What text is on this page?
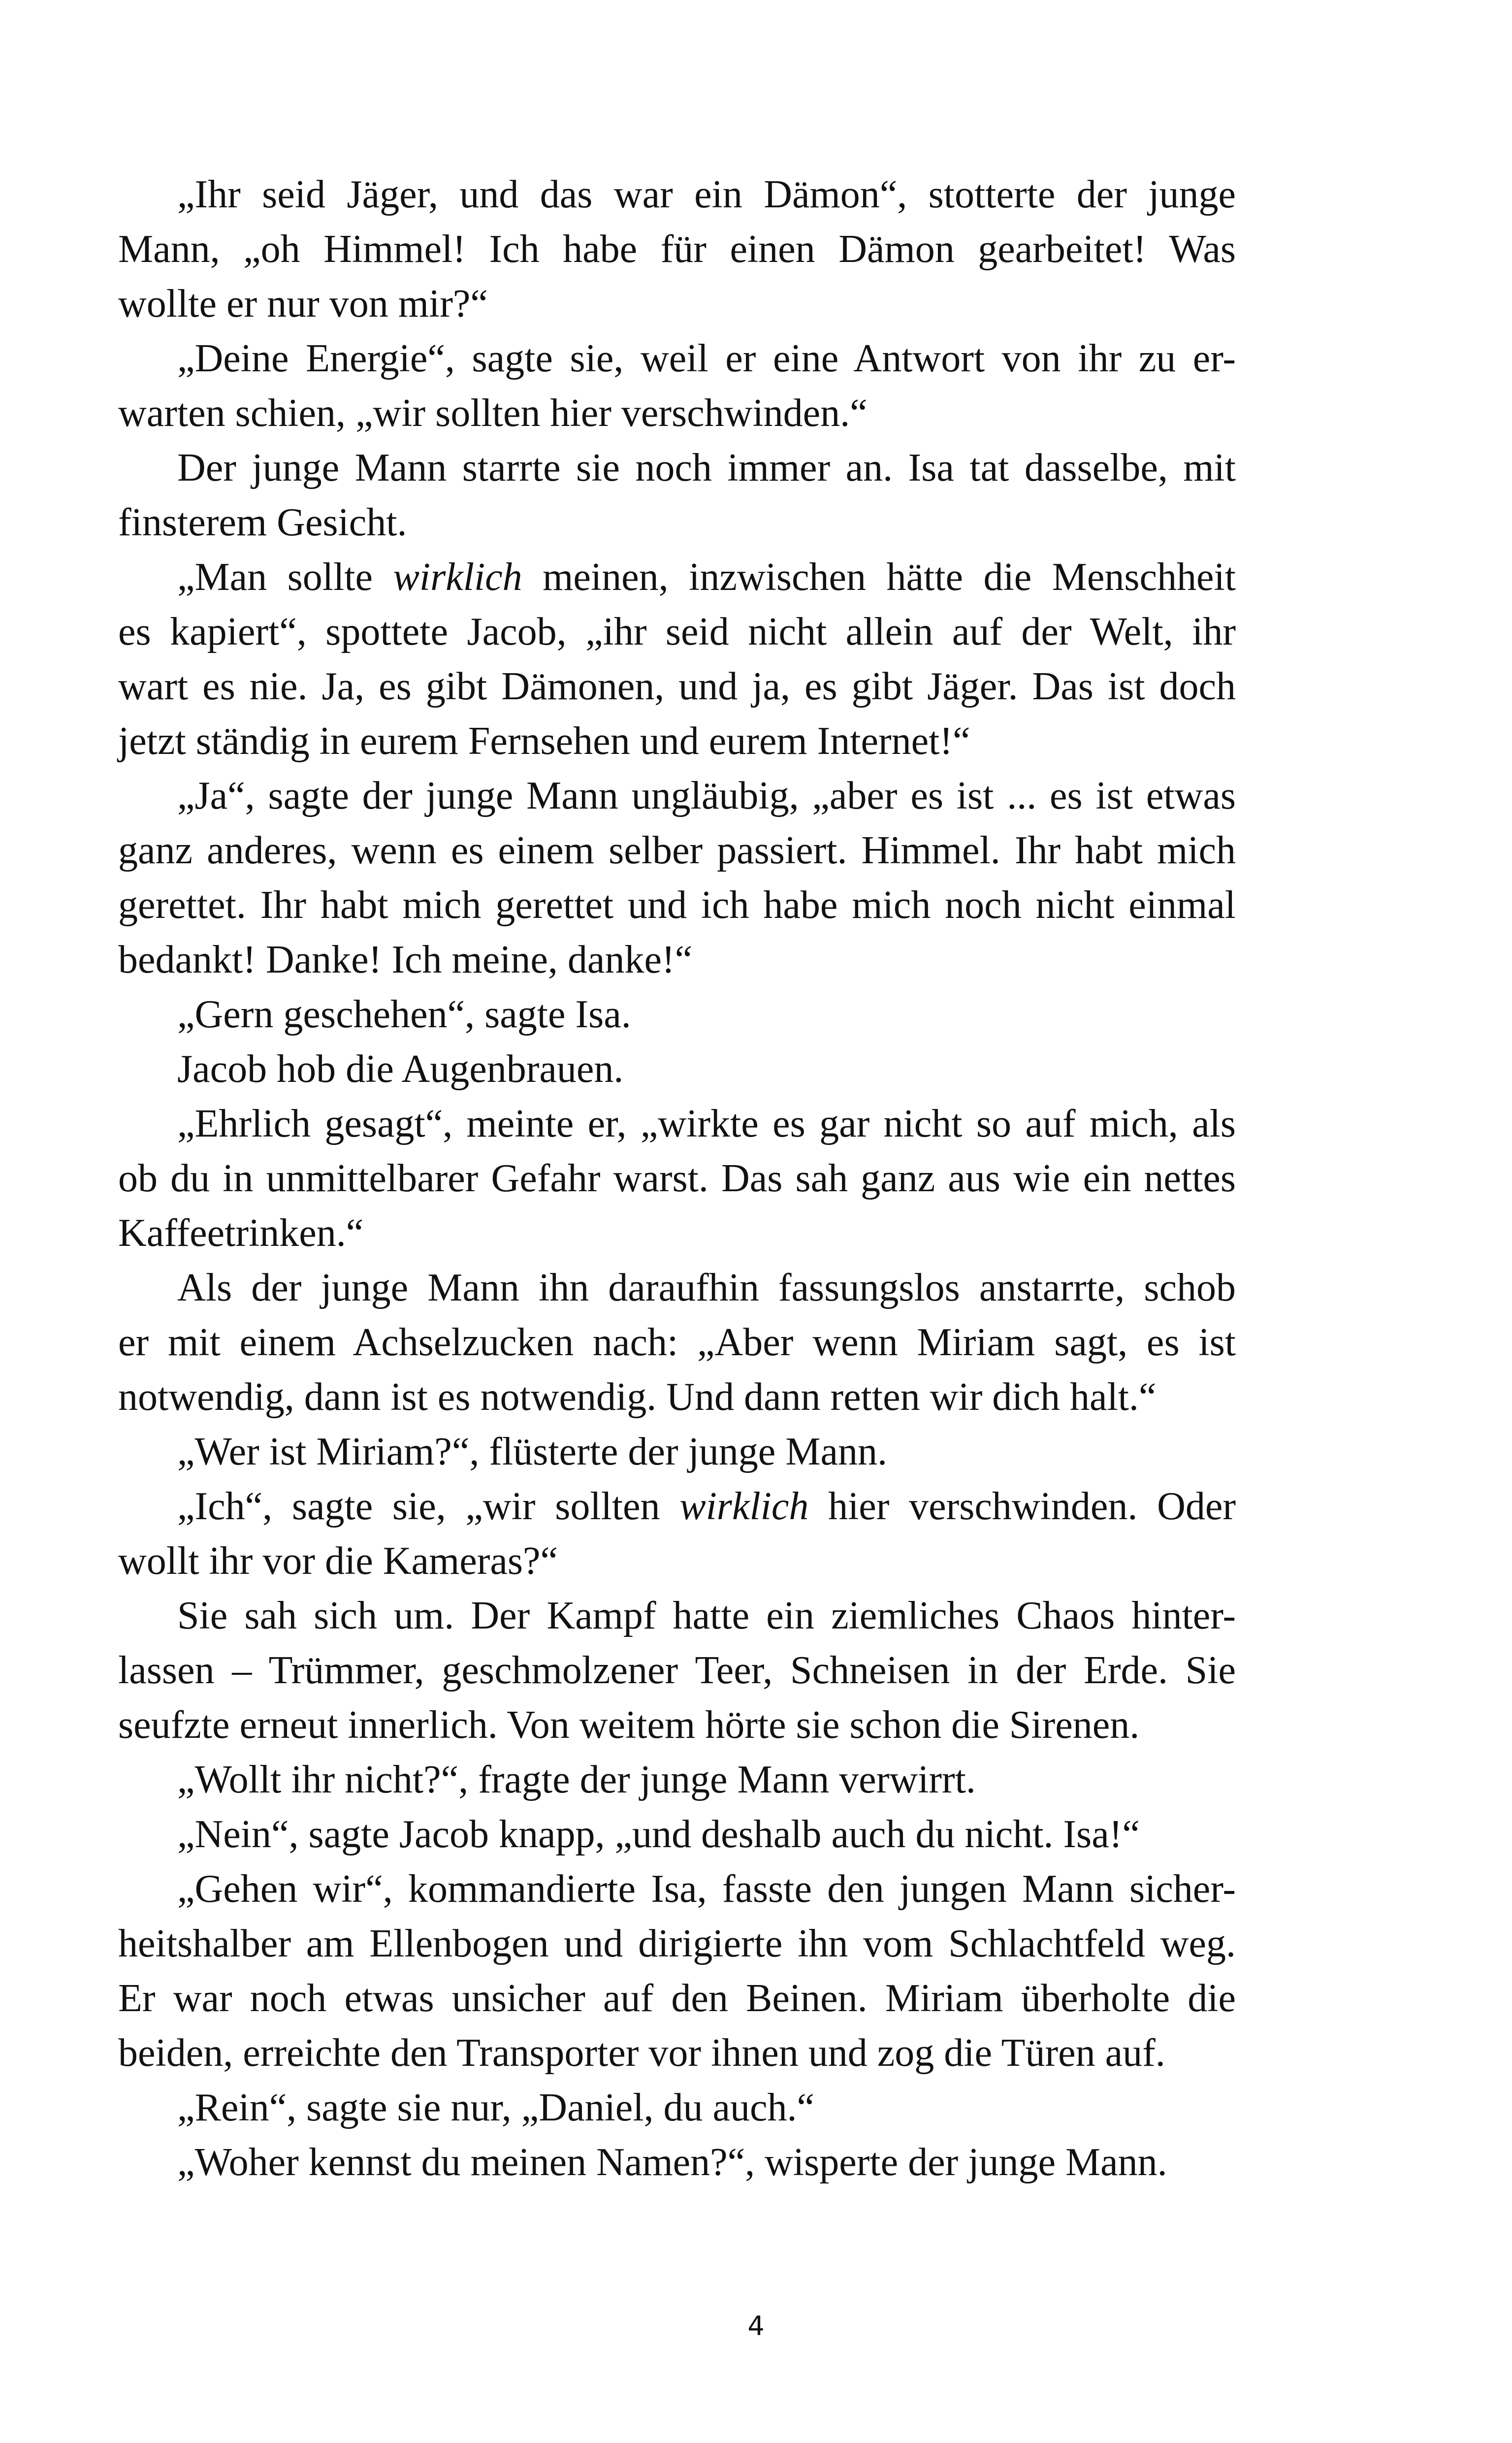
„Ihr seid Jäger, und das war ein Dämon“, stotterte der junge
Mann, „oh Himmel! Ich habe für einen Dämon gearbeitet! Was
wollte er nur von mir?“

„Deine Energie“, sagte sie, weil er eine Antwort von ihr zu er-
warten schien, „wir sollten hier verschwinden.“

Der junge Mann starrte sie noch immer an. Isa tat dasselbe, mit
finsterem Gesicht.

„Man sollte wirklich meinen, inzwischen hätte die Menschheit
es kapiert“, spottete Jacob, „ihr seid nicht allein auf der Welt, ihr
wart es nie. Ja, es gibt Dämonen, und ja, es gibt Jäger. Das ist doch
jetzt ständig in eurem Fernsehen und eurem Internet!“

„Ja“, sagte der junge Mann ungläubig, „aber es ist ... es ist etwas
ganz anderes, wenn es einem selber passiert. Himmel. Ihr habt mich
gerettet. Ihr habt mich gerettet und ich habe mich noch nicht einmal
bedankt! Danke! Ich meine, danke!“

„Gern geschehen“, sagte Isa.

Jacob hob die Augenbrauen.

„Ehrlich gesagt“, meinte er, „wirkte es gar nicht so auf mich, als
ob du in unmittelbarer Gefahr warst. Das sah ganz aus wie ein nettes
Kaffeetrinken.“

Als der junge Mann ihn daraufhin fassungslos anstarrte, schob
er mit einem Achselzucken nach: „Aber wenn Miriam sagt, es ist
notwendig, dann ist es notwendig. Und dann retten wir dich halt.“

„Wer ist Miriam?“, flüsterte der junge Mann.

„Ich“, sagte sie, „wir sollten wirklich hier verschwinden. Oder
wollt ihr vor die Kameras?“

Sie sah sich um. Der Kampf hatte ein ziemliches Chaos hinter-
lassen – Trümmer, geschmolzener Teer, Schneisen in der Erde. Sie
seufzte erneut innerlich. Von weitem hörte sie schon die Sirenen.

„Wollt ihr nicht?“, fragte der junge Mann verwirrt.

„Nein“, sagte Jacob knapp, „und deshalb auch du nicht. Isa!“

„Gehen wir“, kommandierte Isa, fasste den jungen Mann sicher-
heitshalber am Ellenbogen und dirigierte ihn vom Schlachtfeld weg.
Er war noch etwas unsicher auf den Beinen. Miriam überholte die
beiden, erreichte den Transporter vor ihnen und zog die Türen auf.

„Rein“, sagte sie nur, „Daniel, du auch.“

„Woher kennst du meinen Namen?“, wisperte der junge Mann.

4
